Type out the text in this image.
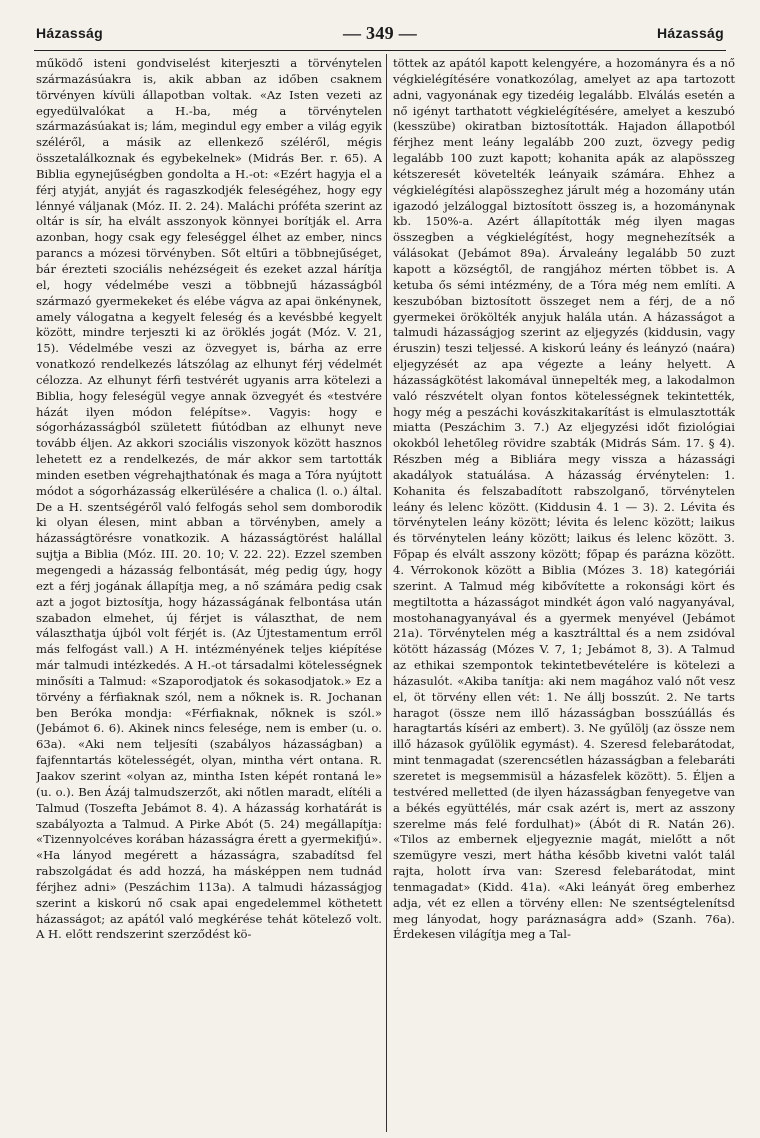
Házasság	— 349 —	Házasság

működő isteni gondviselést kiterjeszti a törvénytelen származásúakra is, akik abban az időben csaknem törvényen kívüli állapotban voltak. «Az Isten vezeti az egyedülvalókat a H.-ba, még a törvénytelen származásúakat is; lám, megindul egy ember a világ egyik széléről, a másik az ellenkező széléről, mégis összetalálkoznak és egybekelnek» (Midrás Ber. r. 65). A Biblia egynejűségben gondolta a H.-ot: «Ezért hagyja el a férj atyját, anyját és ragaszkodjék feleségéhez, hogy egy lénnyé váljanak (Móz. II. 2. 24). Maláchi próféta szerint az oltár is sír, ha elvált asszonyok könnyei borítják el. Arra azonban, hogy csak egy feleséggel élhet az ember, nincs parancs a mózesi törvényben. Sőt eltűri a többnejűséget, bár érezteti szociális nehézségeit és ezeket azzal hárítja el, hogy védelmébe veszi a többnejű házasságból származó gyermekeket és elébe vágva az apai önkénynek, amely válogatna a kegyelt feleség és a kevésbbé kegyelt között, mindre terjeszti ki az öröklés jogát (Móz. V. 21, 15). Védelmébe veszi az özvegyet is, bárha az erre vonatkozó rendelkezés látszólag az elhunyt férj védelmét célozza. Az elhunyt férfi testvérét ugyanis arra kötelezi a Biblia, hogy feleségül vegye annak özvegyét és «testvére házát ilyen módon felépítse». Vagyis: hogy e sógorházasságból született fiútódban az elhunyt neve tovább éljen. Az akkori szociális viszonyok között hasznos lehetett ez a rendelkezés, de már akkor sem tartották minden esetben végrehajthatónak és maga a Tóra nyújtott módot a sógorházasság elkerülésére a chalica (l. o.) által. De a H. szentségéről való felfogás sehol sem domborodik ki olyan élesen, mint abban a törvényben, amely a házasságtörésre vonatkozik. A házasságtörést halállal sujtja a Biblia (Móz. III. 20. 10; V. 22. 22). Ezzel szemben megengedi a házasság felbontását, még pedig úgy, hogy ezt a férj jogának állapítja meg, a nő számára pedig csak azt a jogot biztosítja, hogy házasságának felbontása után szabadon elmehet, új férjet is választhat, de nem választhatja újból volt férjét is. (Az Újtestamentum erről más felfogást vall.) A H. intézményének teljes kiépítése már talmudi intézkedés. A H.-ot társadalmi kötelességnek minősíti a Talmud: «Szaporodjatok és sokasodjatok.» Ez a törvény a férfiaknak szól, nem a nőknek is. R. Jochanan ben Beróka mondja: «Férfiaknak, nőknek is szól.» (Jebámot 6. 6). Akinek nincs felesége, nem is ember (u. o. 63a). «Aki nem teljesíti (szabályos házasságban) a fajfenntartás kötelességét, olyan, mintha vért ontana. R. Jaakov szerint «olyan az, mintha Isten képét rontaná le» (u. o.). Ben Ázáj talmudszerzőt, aki nőtlen maradt, elítéli a Talmud (Toszefta Jebámot 8. 4). A házasság korhatárát is szabályozta a Talmud. A Pirke Abót (5. 24) megállapítja: «Tizennyolcéves korában házasságra érett a gyermekifjú». «Ha lányod megérett a házasságra, szabadítsd fel rabszolgádat és add hozzá, ha másképpen nem tudnád férjhez adni» (Peszáchim 113a). A talmudi házasságjog szerint a kiskorú nő csak apai engedelemmel köthetett házasságot; az apától való megkérése tehát kötelező volt. A H. előtt rendszerint szerződést kö-

töttek az apától kapott kelengyére, a hozományra és a nő végkielégítésére vonatkozólag, amelyet az apa tartozott adni, vagyonának egy tizedéig legalább. Elválás esetén a nő igényt tarthatott végkielégítésére, amelyet a keszubó (kesszübe) okiratban biztosították. Hajadon állapotból férjhez ment leány legalább 200 zuzt, özvegy pedig legalább 100 zuzt kapott; kohanita apák az alapösszeg kétszeresét követelték leányaik számára. Ehhez a végkielégítési alapösszeghez járult még a hozomány után igazodó jelzáloggal biztosított összeg is, a hozománynak kb. 150%-a. Azért állapították még ilyen magas összegben a végkielégítést, hogy megnehezítsék a válásokat (Jebámot 89a). Árvaleány legalább 50 zuzt kapott a községtől, de rangjához mérten többet is. A ketuba ős sémi intézmény, de a Tóra még nem említi. A keszubóban biztosított összeget nem a férj, de a nő gyermekei örökölték anyjuk halála után. A házasságot a talmudi házasságjog szerint az eljegyzés (kiddusin, vagy éruszin) teszi teljessé. A kiskorú leány és leányzó (naára) eljegyzését az apa végezte a leány helyett. A házasságkötést lakomával ünnepelték meg, a lakodalmon való részvételt olyan fontos kötelességnek tekintették, hogy még a peszáchi kovászkitakarítást is elmulasztották miatta (Peszáchim 3. 7.) Az eljegyzési időt fiziológiai okokból lehetőleg rövidre szabták (Midrás Sám. 17. § 4). Részben még a Bibliára megy vissza a házassági akadályok statuálása. A házasság érvénytelen: 1. Kohanita és felszabadított rabszolganő, törvénytelen leány és lelenc között. (Kiddusin 4. 1 — 3). 2. Lévita és törvénytelen leány között; lévita és lelenc között; laikus és törvénytelen leány között; laikus és lelenc között. 3. Főpap és elvált asszony között; főpap és parázna között. 4. Vérrokonok között a Biblia (Mózes 3. 18) kategóriái szerint. A Talmud még kibővítette a rokonsági kört és megtiltotta a házasságot mindkét ágon való nagyanyával, mostohanagyanyával és a gyermek menyével (Jebámot 21a). Törvénytelen még a kasztrálttal és a nem zsidóval kötött házasság (Mózes V. 7, 1; Jebámot 8, 3). A Talmud az ethikai szempontok tekintetbevételére is kötelezi a házasulót. «Akiba tanítja: aki nem magához való nőt vesz el, öt törvény ellen vét: 1. Ne állj bosszút. 2. Ne tarts haragot (össze nem illő házasságban bosszúállás és haragtartás kíséri az embert). 3. Ne gyűlölj (az össze nem illő házasok gyűlölik egymást). 4. Szeresd felebarátodat, mint tenmagadat (szerencsétlen házasságban a felebaráti szeretet is megsemmisül a házasfelek között). 5. Éljen a testvéred melletted (de ilyen házasságban fenyegetve van a békés együttélés, már csak azért is, mert az asszony szerelme más felé fordulhat)» (Ábót di R. Natán 26). «Tilos az embernek eljegyeznie magát, mielőtt a nőt szemügyre veszi, mert hátha később kivetni valót talál rajta, holott írva van: Szeresd felebarátodat, mint tenmagadat» (Kidd. 41a). «Aki leányát öreg emberhez adja, vét ez ellen a törvény ellen: Ne szentségtelenítsd meg lányodat, hogy paráznaságra add» (Szanh. 76a). Érdekesen világítja meg a Tal-
